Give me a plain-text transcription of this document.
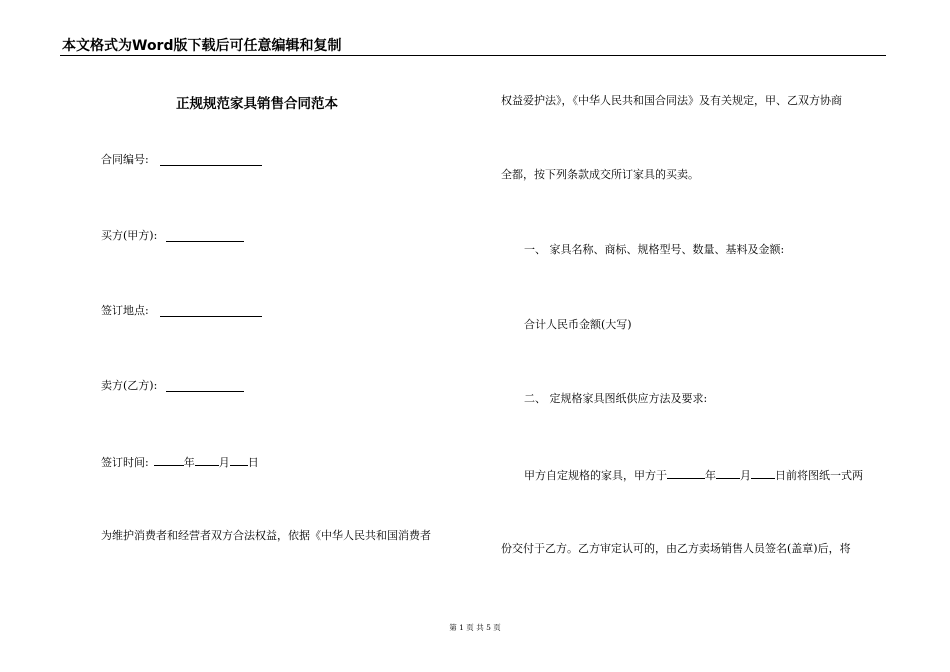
本文格式为Word版下载后可任意编辑和复制
正规规范家具销售合同范本
合同编号:
买方(甲方):
签订地点:
卖方(乙方):
签订时间:	年 月 日
为维护消费者和经营者双方合法权益，依据《中华人民共和国消费者
权益爱护法》，《中华人民共和国合同法》及有关规定，甲、乙双方协商
全都，按下列条款成交所订家具的买卖。
一、 家具名称、商标、规格型号、数量、基料及金额:
合计人民币金额(大写)
二、 定规格家具图纸供应方法及要求:
甲方自定规格的家具，甲方于	年 月 日前将图纸一式两
份交付于乙方。乙方审定认可的，由乙方卖场销售人员签名(盖章)后，将
第 1 页 共 5 页
